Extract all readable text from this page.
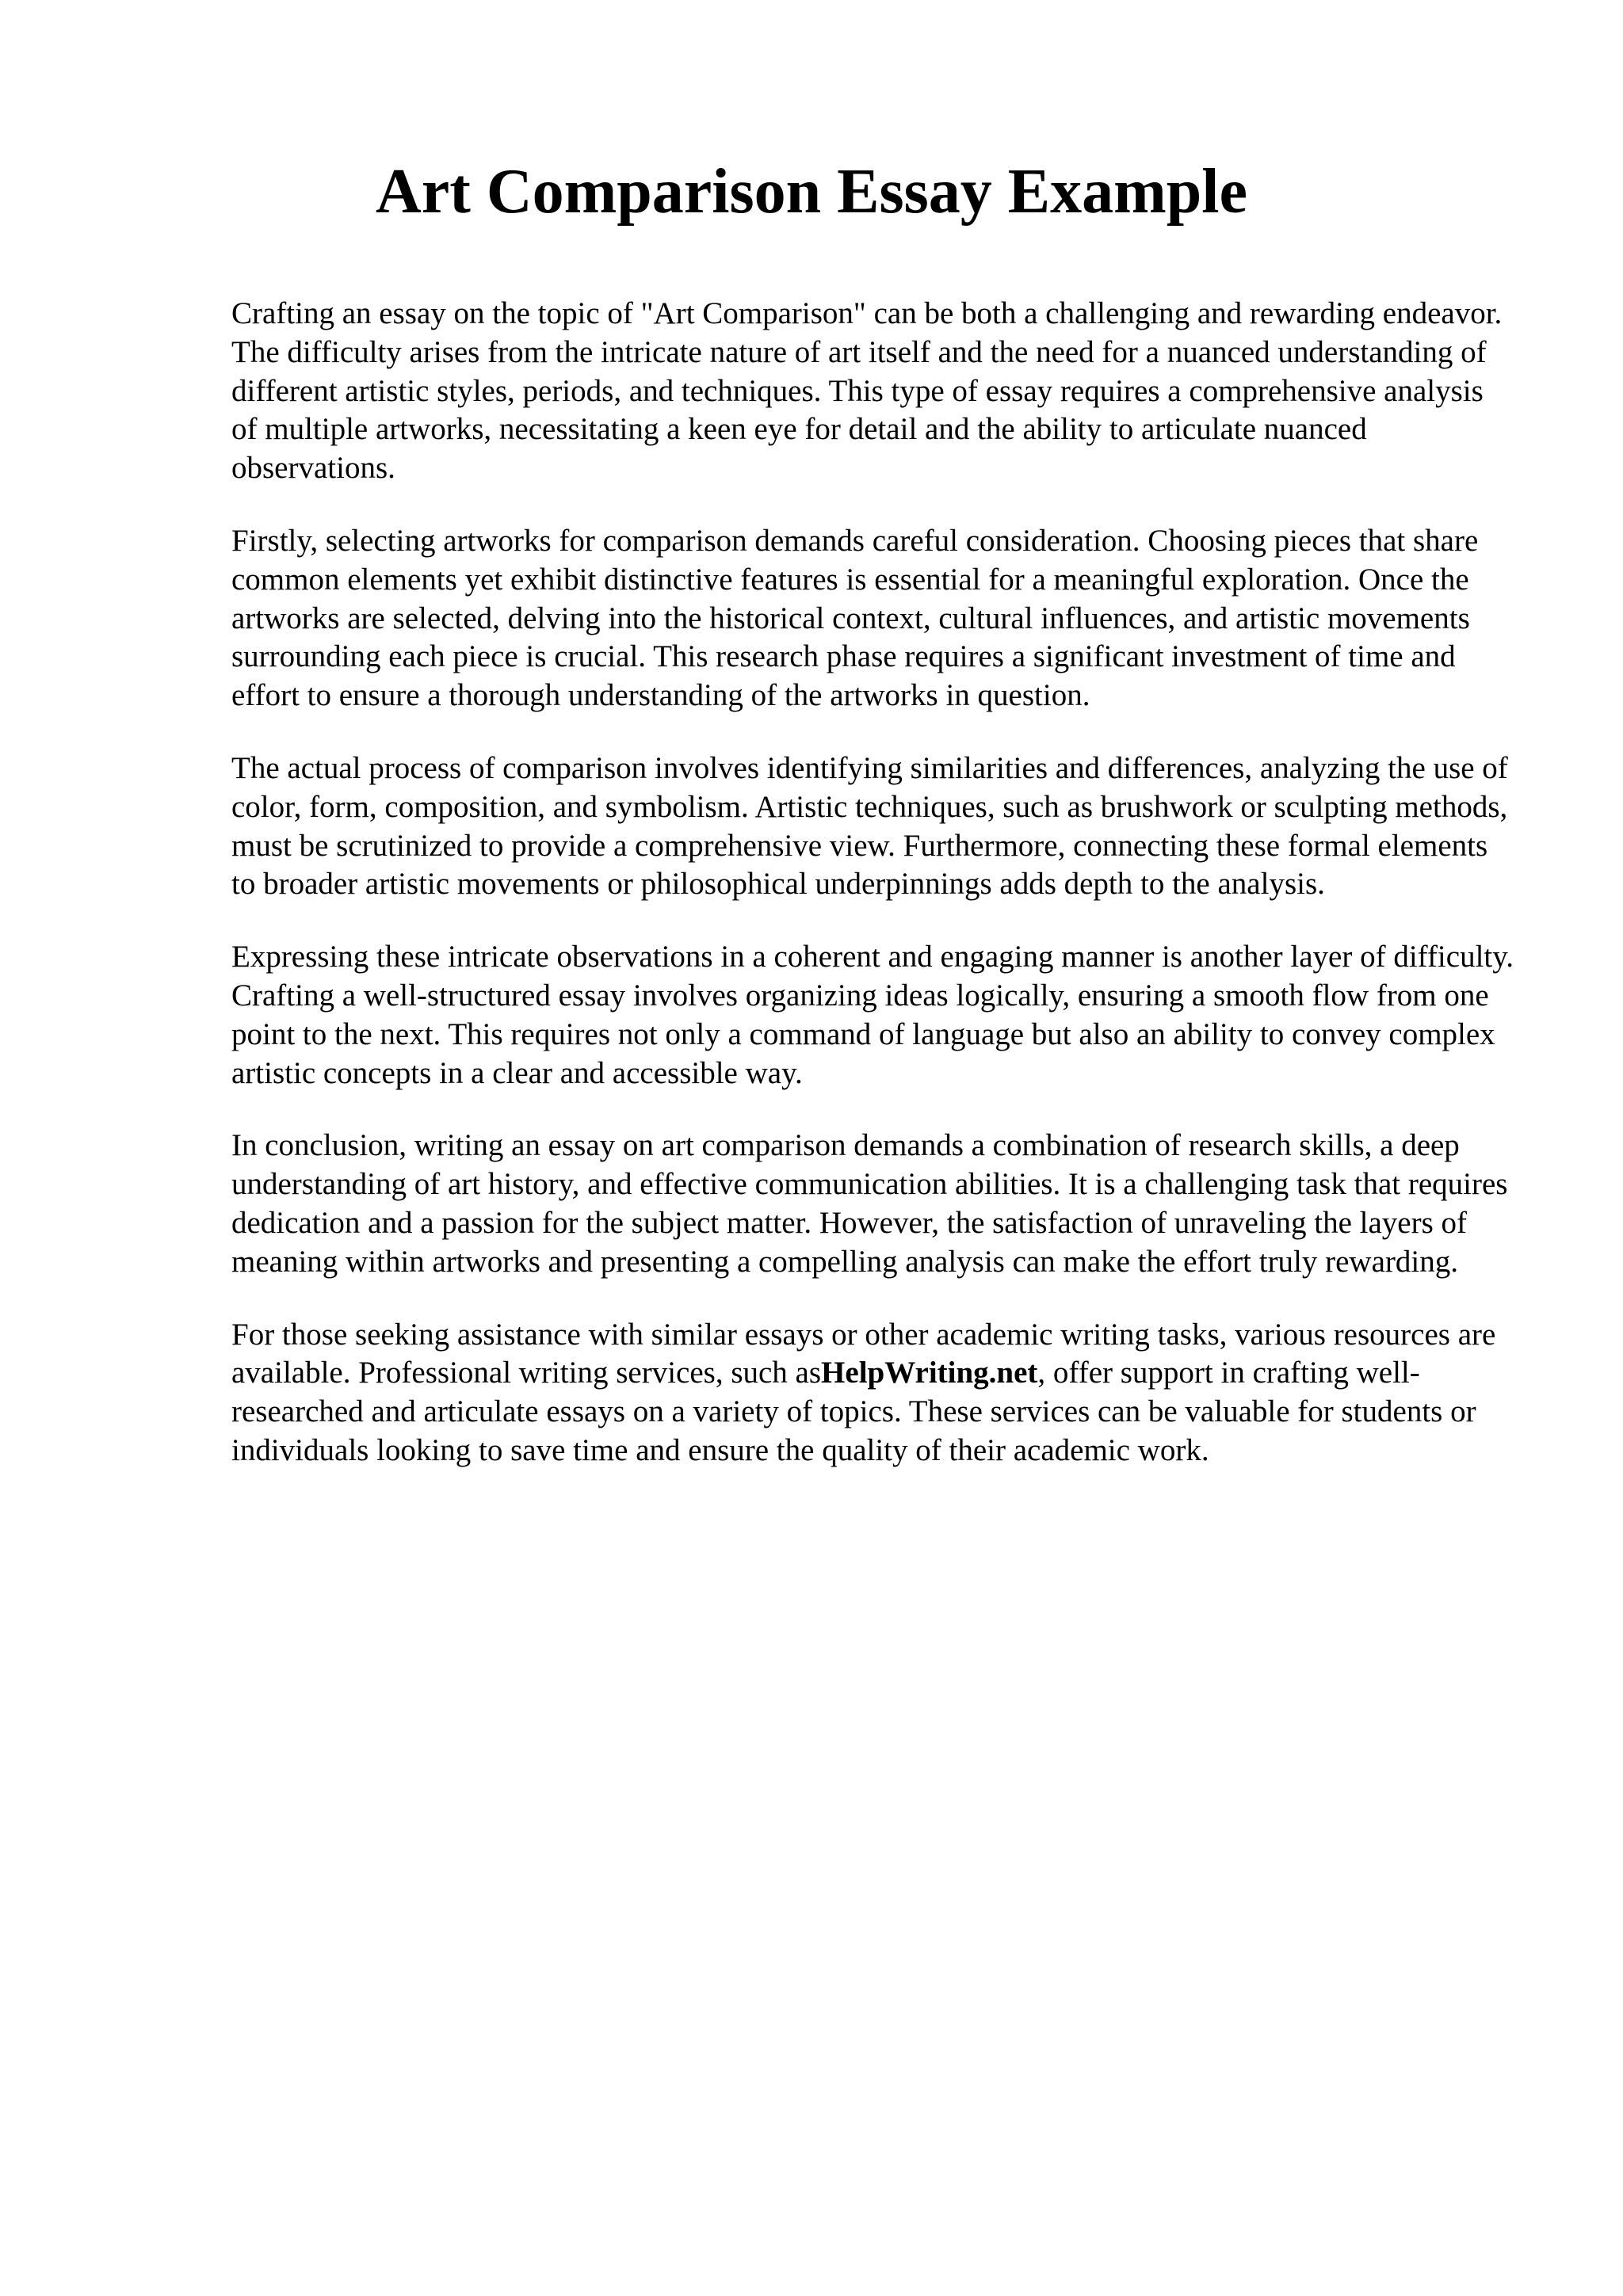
Art Comparison Essay Example

Crafting an essay on the topic of "Art Comparison" can be both a challenging and rewarding endeavor. The difficulty arises from the intricate nature of art itself and the need for a nuanced understanding of different artistic styles, periods, and techniques. This type of essay requires a comprehensive analysis of multiple artworks, necessitating a keen eye for detail and the ability to articulate nuanced observations.

Firstly, selecting artworks for comparison demands careful consideration. Choosing pieces that share common elements yet exhibit distinctive features is essential for a meaningful exploration. Once the artworks are selected, delving into the historical context, cultural influences, and artistic movements surrounding each piece is crucial. This research phase requires a significant investment of time and effort to ensure a thorough understanding of the artworks in question.

The actual process of comparison involves identifying similarities and differences, analyzing the use of color, form, composition, and symbolism. Artistic techniques, such as brushwork or sculpting methods, must be scrutinized to provide a comprehensive view. Furthermore, connecting these formal elements to broader artistic movements or philosophical underpinnings adds depth to the analysis.

Expressing these intricate observations in a coherent and engaging manner is another layer of difficulty. Crafting a well-structured essay involves organizing ideas logically, ensuring a smooth flow from one point to the next. This requires not only a command of language but also an ability to convey complex artistic concepts in a clear and accessible way.

In conclusion, writing an essay on art comparison demands a combination of research skills, a deep understanding of art history, and effective communication abilities. It is a challenging task that requires dedication and a passion for the subject matter. However, the satisfaction of unraveling the layers of meaning within artworks and presenting a compelling analysis can make the effort truly rewarding.

For those seeking assistance with similar essays or other academic writing tasks, various resources are available. Professional writing services, such asHelpWriting.net, offer support in crafting well-researched and articulate essays on a variety of topics. These services can be valuable for students or individuals looking to save time and ensure the quality of their academic work.
